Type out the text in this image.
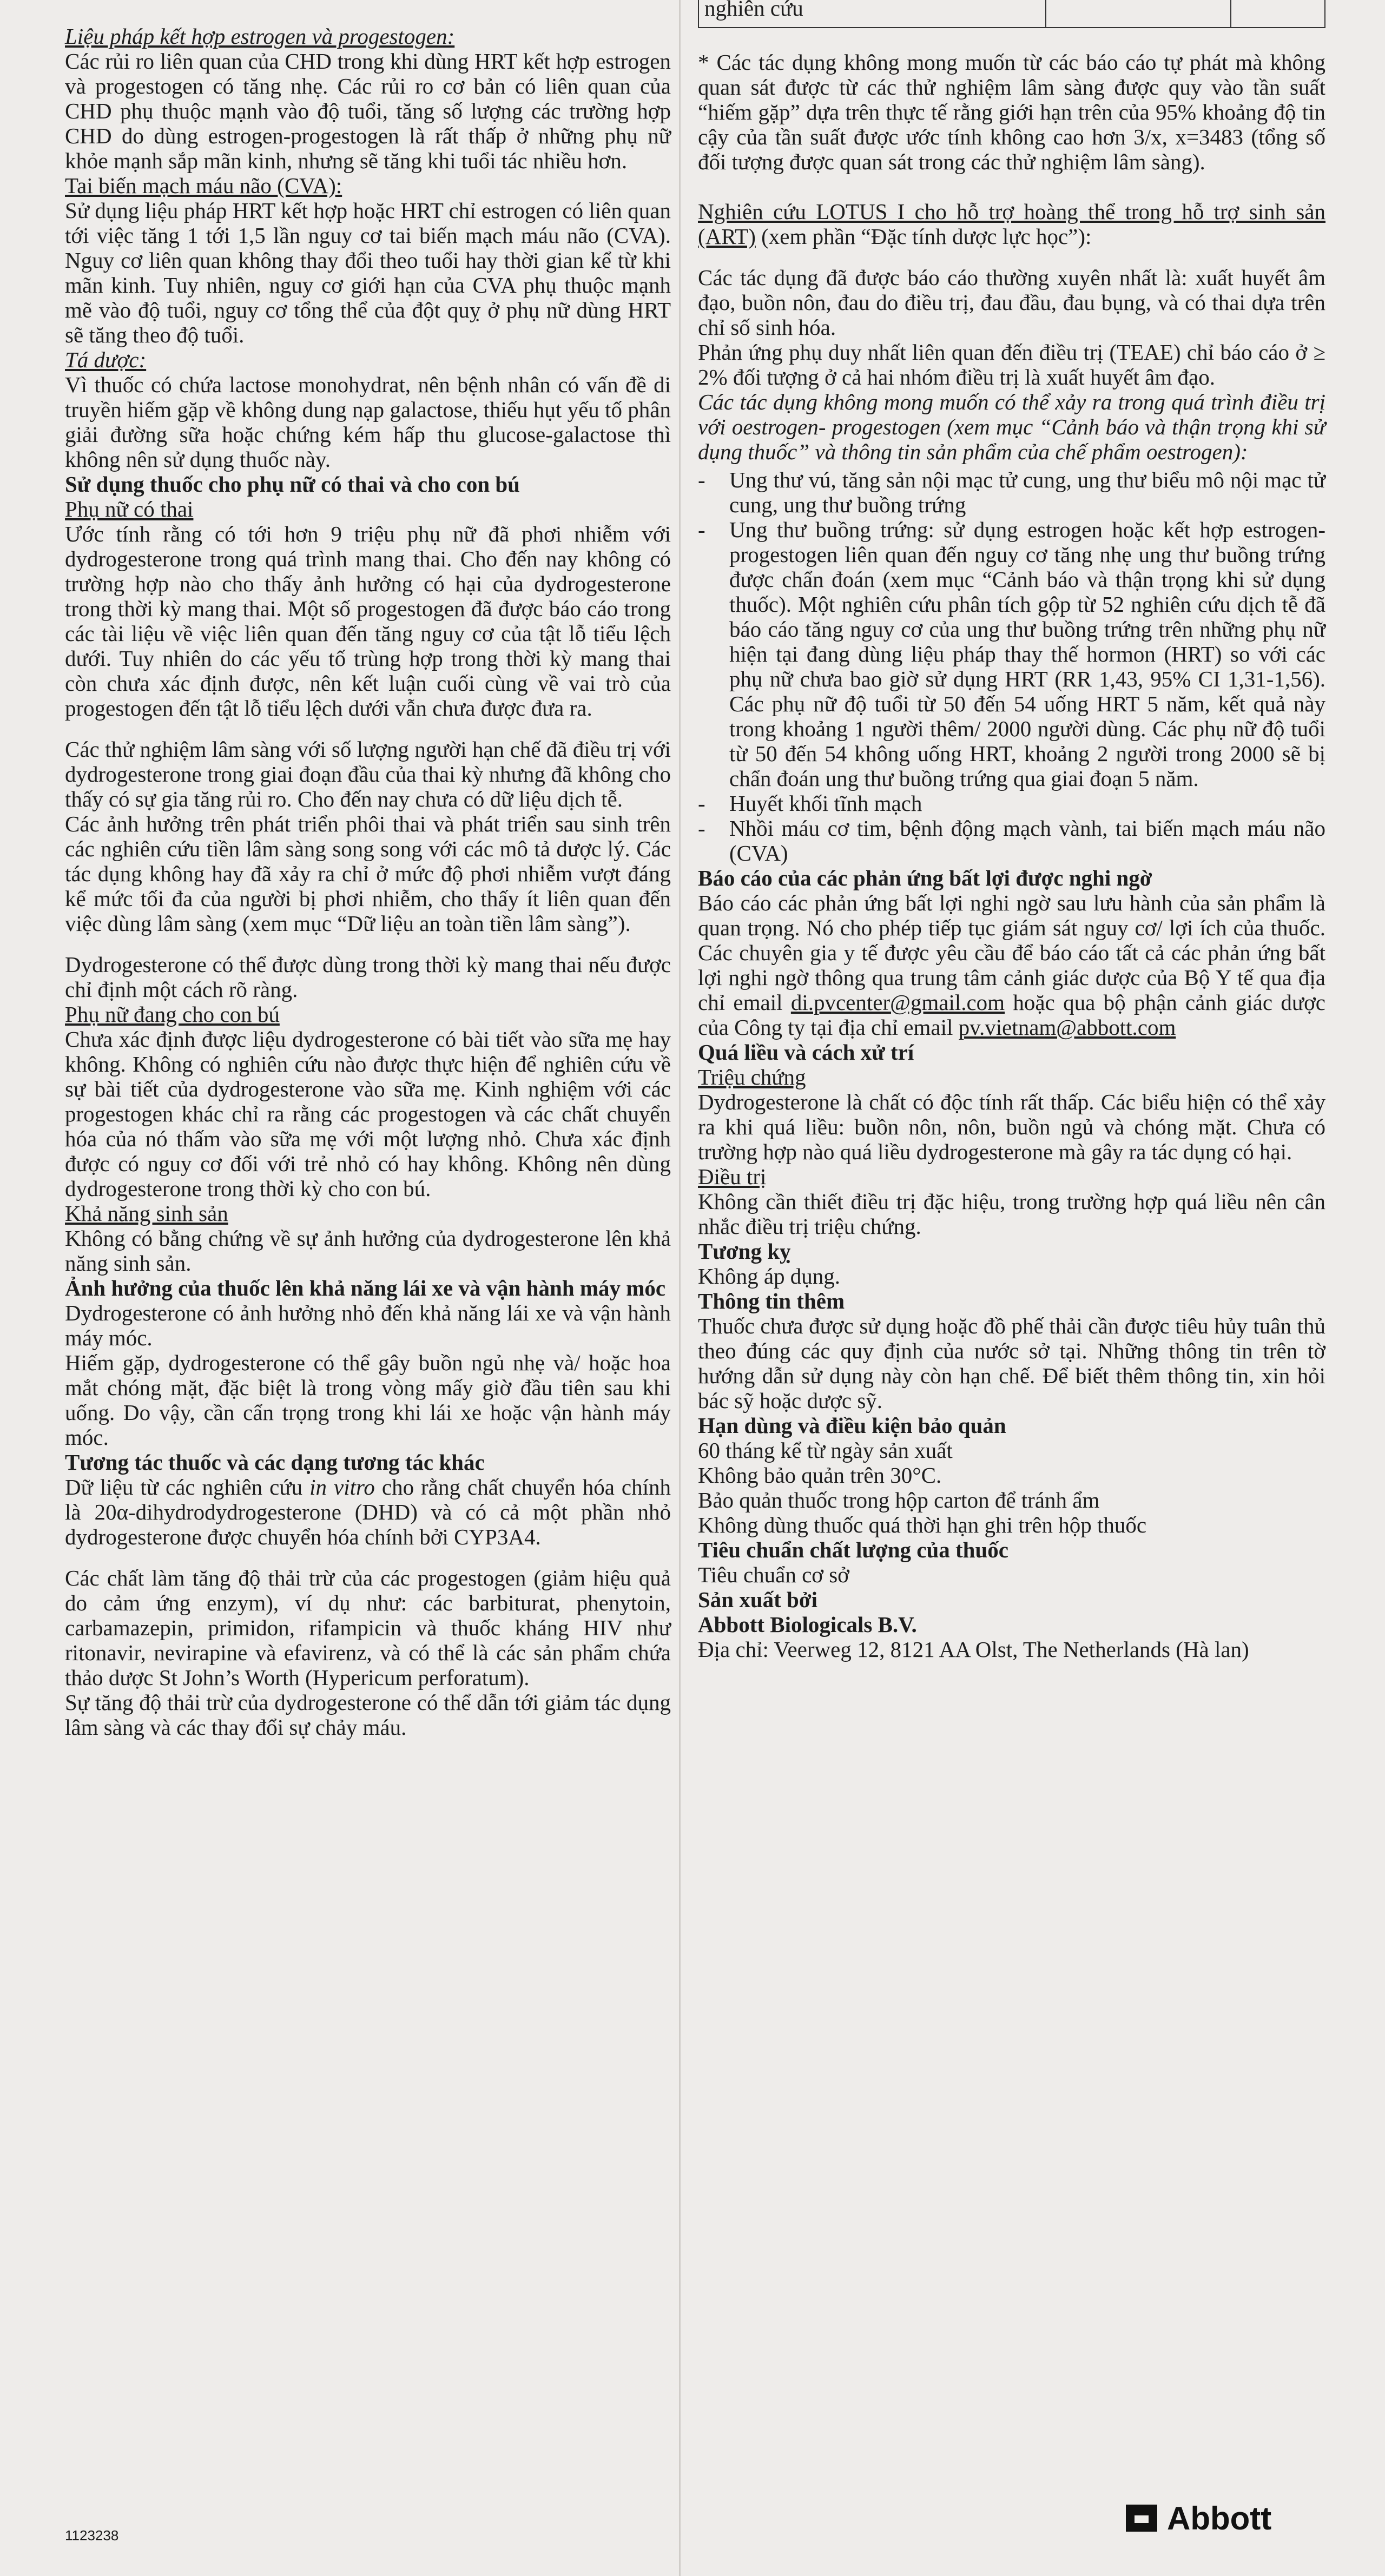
Liệu pháp kết hợp estrogen và progestogen:

Các rủi ro liên quan của CHD trong khi dùng HRT kết hợp estrogen và progestogen có tăng nhẹ. Các rủi ro cơ bản có liên quan của CHD phụ thuộc mạnh vào độ tuổi, tăng số lượng các trường hợp CHD do dùng estrogen-progestogen là rất thấp ở những phụ nữ khỏe mạnh sắp mãn kinh, nhưng sẽ tăng khi tuổi tác nhiều hơn.

Tai biến mạch máu não (CVA):

Sử dụng liệu pháp HRT kết hợp hoặc HRT chỉ estrogen có liên quan tới việc tăng 1 tới 1,5 lần nguy cơ tai biến mạch máu não (CVA). Nguy cơ liên quan không thay đổi theo tuổi hay thời gian kể từ khi mãn kinh. Tuy nhiên, nguy cơ giới hạn của CVA phụ thuộc mạnh mẽ vào độ tuổi, nguy cơ tổng thể của đột quỵ ở phụ nữ dùng HRT sẽ tăng theo độ tuổi.

Tá dược:

Vì thuốc có chứa lactose monohydrat, nên bệnh nhân có vấn đề di truyền hiếm gặp về không dung nạp galactose, thiếu hụt yếu tố phân giải đường sữa hoặc chứng kém hấp thu glucose-galactose thì không nên sử dụng thuốc này.

Sử dụng thuốc cho phụ nữ có thai và cho con bú

Phụ nữ có thai

Ước tính rằng có tới hơn 9 triệu phụ nữ đã phơi nhiễm với dydrogesterone trong quá trình mang thai. Cho đến nay không có trường hợp nào cho thấy ảnh hưởng có hại của dydrogesterone trong thời kỳ mang thai. Một số progestogen đã được báo cáo trong các tài liệu về việc liên quan đến tăng nguy cơ của tật lỗ tiểu lệch dưới. Tuy nhiên do các yếu tố trùng hợp trong thời kỳ mang thai còn chưa xác định được, nên kết luận cuối cùng về vai trò của progestogen đến tật lỗ tiểu lệch dưới vẫn chưa được đưa ra.

Các thử nghiệm lâm sàng với số lượng người hạn chế đã điều trị với dydrogesterone trong giai đoạn đầu của thai kỳ nhưng đã không cho thấy có sự gia tăng rủi ro. Cho đến nay chưa có dữ liệu dịch tễ.

Các ảnh hưởng trên phát triển phôi thai và phát triển sau sinh trên các nghiên cứu tiền lâm sàng song song với các mô tả dược lý. Các tác dụng không hay đã xảy ra chỉ ở mức độ phơi nhiễm vượt đáng kể mức tối đa của người bị phơi nhiễm, cho thấy ít liên quan đến việc dùng lâm sàng (xem mục “Dữ liệu an toàn tiền lâm sàng”).

Dydrogesterone có thể được dùng trong thời kỳ mang thai nếu được chỉ định một cách rõ ràng.

Phụ nữ đang cho con bú

Chưa xác định được liệu dydrogesterone có bài tiết vào sữa mẹ hay không. Không có nghiên cứu nào được thực hiện để nghiên cứu về sự bài tiết của dydrogesterone vào sữa mẹ. Kinh nghiệm với các progestogen khác chỉ ra rằng các progestogen và các chất chuyển hóa của nó thấm vào sữa mẹ với một lượng nhỏ. Chưa xác định được có nguy cơ đối với trẻ nhỏ có hay không. Không nên dùng dydrogesterone trong thời kỳ cho con bú.

Khả năng sinh sản

Không có bằng chứng về sự ảnh hưởng của dydrogesterone lên khả năng sinh sản.

Ảnh hưởng của thuốc lên khả năng lái xe và vận hành máy móc

Dydrogesterone có ảnh hưởng nhỏ đến khả năng lái xe và vận hành máy móc.

Hiếm gặp, dydrogesterone có thể gây buồn ngủ nhẹ và/ hoặc hoa mắt chóng mặt, đặc biệt là trong vòng mấy giờ đầu tiên sau khi uống. Do vậy, cần cẩn trọng trong khi lái xe hoặc vận hành máy móc.

Tương tác thuốc và các dạng tương tác khác

Dữ liệu từ các nghiên cứu in vitro cho rằng chất chuyển hóa chính là 20α-dihydrodydrogesterone (DHD) và có cả một phần nhỏ dydrogesterone được chuyển hóa chính bởi CYP3A4.

Các chất làm tăng độ thải trừ của các progestogen (giảm hiệu quả do cảm ứng enzym), ví dụ như: các barbiturat, phenytoin, carbamazepin, primidon, rifampicin và thuốc kháng HIV như ritonavir, nevirapine và efavirenz, và có thể là các sản phẩm chứa thảo dược St John’s Worth (Hypericum perforatum).

Sự tăng độ thải trừ của dydrogesterone có thể dẫn tới giảm tác dụng lâm sàng và các thay đổi sự chảy máu.

nghiên cứu		

* Các tác dụng không mong muốn từ các báo cáo tự phát mà không quan sát được từ các thử nghiệm lâm sàng được quy vào tần suất “hiếm gặp” dựa trên thực tế rằng giới hạn trên của 95% khoảng độ tin cậy của tần suất được ước tính không cao hơn 3/x, x=3483 (tổng số đối tượng được quan sát trong các thử nghiệm lâm sàng).

Nghiên cứu LOTUS I cho hỗ trợ hoàng thể trong hỗ trợ sinh sản (ART) (xem phần “Đặc tính dược lực học”):

Các tác dụng đã được báo cáo thường xuyên nhất là: xuất huyết âm đạo, buồn nôn, đau do điều trị, đau đầu, đau bụng, và có thai dựa trên chỉ số sinh hóa.

Phản ứng phụ duy nhất liên quan đến điều trị (TEAE) chỉ báo cáo ở ≥ 2% đối tượng ở cả hai nhóm điều trị là xuất huyết âm đạo.

Các tác dụng không mong muốn có thể xảy ra trong quá trình điều trị với oestrogen- progestogen (xem mục “Cảnh báo và thận trọng khi sử dụng thuốc” và thông tin sản phẩm của chế phẩm oestrogen):

- Ung thư vú, tăng sản nội mạc tử cung, ung thư biểu mô nội mạc tử cung, ung thư buồng trứng
- Ung thư buồng trứng: sử dụng estrogen hoặc kết hợp estrogen-progestogen liên quan đến nguy cơ tăng nhẹ ung thư buồng trứng được chẩn đoán (xem mục “Cảnh báo và thận trọng khi sử dụng thuốc). Một nghiên cứu phân tích gộp từ 52 nghiên cứu dịch tễ đã báo cáo tăng nguy cơ của ung thư buồng trứng trên những phụ nữ hiện tại đang dùng liệu pháp thay thế hormon (HRT) so với các phụ nữ chưa bao giờ sử dụng HRT (RR 1,43, 95% CI 1,31-1,56). Các phụ nữ độ tuổi từ 50 đến 54 uống HRT 5 năm, kết quả này trong khoảng 1 người thêm/ 2000 người dùng. Các phụ nữ độ tuổi từ 50 đến 54 không uống HRT, khoảng 2 người trong 2000 sẽ bị chẩn đoán ung thư buồng trứng qua giai đoạn 5 năm.
- Huyết khối tĩnh mạch
- Nhồi máu cơ tim, bệnh động mạch vành, tai biến mạch máu não (CVA)

Báo cáo của các phản ứng bất lợi được nghi ngờ

Báo cáo các phản ứng bất lợi nghi ngờ sau lưu hành của sản phẩm là quan trọng. Nó cho phép tiếp tục giám sát nguy cơ/ lợi ích của thuốc. Các chuyên gia y tế được yêu cầu để báo cáo tất cả các phản ứng bất lợi nghi ngờ thông qua trung tâm cảnh giác dược của Bộ Y tế qua địa chỉ email di.pvcenter@gmail.com hoặc qua bộ phận cảnh giác dược của Công ty tại địa chỉ email pv.vietnam@abbott.com

Quá liều và cách xử trí

Triệu chứng

Dydrogesterone là chất có độc tính rất thấp. Các biểu hiện có thể xảy ra khi quá liều: buồn nôn, nôn, buồn ngủ và chóng mặt. Chưa có trường hợp nào quá liều dydrogesterone mà gây ra tác dụng có hại.

Điều trị

Không cần thiết điều trị đặc hiệu, trong trường hợp quá liều nên cân nhắc điều trị triệu chứng.

Tương kỵ

Không áp dụng.

Thông tin thêm

Thuốc chưa được sử dụng hoặc đồ phế thải cần được tiêu hủy tuân thủ theo đúng các quy định của nước sở tại. Những thông tin trên tờ hướng dẫn sử dụng này còn hạn chế. Để biết thêm thông tin, xin hỏi bác sỹ hoặc dược sỹ.

Hạn dùng và điều kiện bảo quản

60 tháng kể từ ngày sản xuất

Không bảo quản trên 30°C.

Bảo quản thuốc trong hộp carton để tránh ẩm

Không dùng thuốc quá thời hạn ghi trên hộp thuốc

Tiêu chuẩn chất lượng của thuốc

Tiêu chuẩn cơ sở

Sản xuất bởi

Abbott Biologicals B.V.

Địa chỉ: Veerweg 12, 8121 AA Olst, The Netherlands (Hà lan)

1123238	Abbott
